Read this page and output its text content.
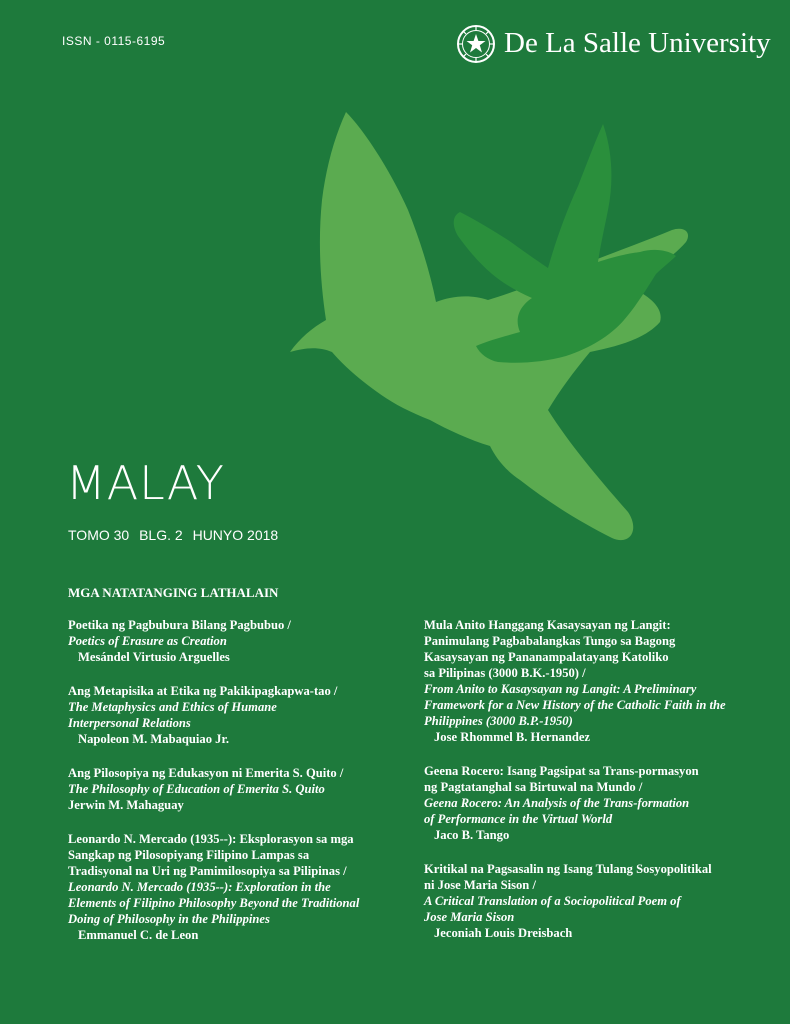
ISSN - 0115-6195	De La Salle University
MALAY
TOMO 30 BLG. 2 HUNYO 2018
MGA NATATANGING LATHALAIN
Poetika ng Pagbubura Bilang Pagbubuo /
Poetics of Erasure as Creation
Mesándel Virtusio Arguelles
Ang Metapisika at Etika ng Pakikipagkapwa-tao /
The Metaphysics and Ethics of Humane
Interpersonal Relations
Napoleon M. Mabaquiao Jr.
Ang Pilosopiya ng Edukasyon ni Emerita S. Quito /
The Philosophy of Education of Emerita S. Quito
Jerwin M. Mahaguay
Leonardo N. Mercado (1935--): Eksplorasyon sa mga
Sangkap ng Pilosopiyang Filipino Lampas sa
Tradisyonal na Uri ng Pamimilosopiya sa Pilipinas /
Leonardo N. Mercado (1935--): Exploration in the
Elements of Filipino Philosophy Beyond the Traditional
Doing of Philosophy in the Philippines
Emmanuel C. de Leon
Mula Anito Hanggang Kasaysayan ng Langit:
Panimulang Pagbabalangkas Tungo sa Bagong
Kasaysayan ng Pananampalatayang Katoliko
sa Pilipinas (3000 B.K.-1950) /
From Anito to Kasaysayan ng Langit: A Preliminary
Framework for a New History of the Catholic Faith in the
Philippines (3000 B.P.-1950)
Jose Rhommel B. Hernandez
Geena Rocero: Isang Pagsipat sa Trans-pormasyon
ng Pagtatanghal sa Birtuwal na Mundo /
Geena Rocero: An Analysis of the Trans-formation
of Performance in the Virtual World
Jaco B. Tango
Kritikal na Pagsasalin ng Isang Tulang Sosyopolitikal
ni Jose Maria Sison /
A Critical Translation of a Sociopolitical Poem of
Jose Maria Sison
Jeconiah Louis Dreisbach
